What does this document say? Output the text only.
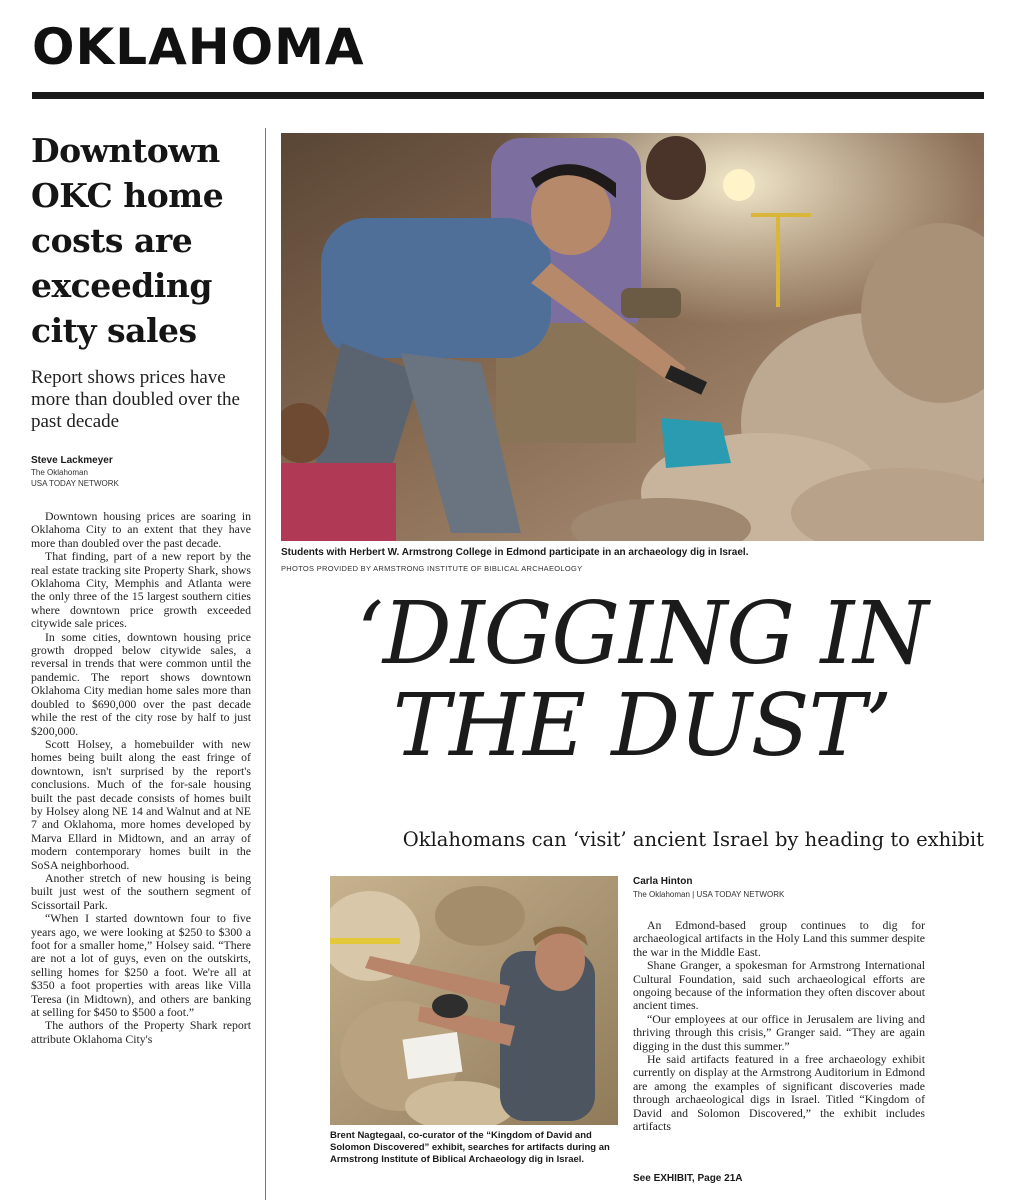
OKLAHOMA
Downtown OKC home costs are exceeding city sales
Report shows prices have more than doubled over the past decade
Steve Lackmeyer
The Oklahoman
USA TODAY NETWORK

Downtown housing prices are soaring in Oklahoma City to an extent that they have more than doubled over the past decade.

That finding, part of a new report by the real estate tracking site Property Shark, shows Oklahoma City, Memphis and Atlanta were the only three of the 15 largest southern cities where downtown price growth exceeded citywide sale prices.

In some cities, downtown housing price growth dropped below citywide sales, a reversal in trends that were common until the pandemic. The report shows downtown Oklahoma City median home sales more than doubled to $690,000 over the past decade while the rest of the city rose by half to just $200,000.

Scott Holsey, a homebuilder with new homes being built along the east fringe of downtown, isn't surprised by the report's conclusions. Much of the for-sale housing built the past decade consists of homes built by Holsey along NE 14 and Walnut and at NE 7 and Oklahoma, more homes developed by Marva Ellard in Midtown, and an array of modern contemporary homes built in the SoSA neighborhood.

Another stretch of new housing is being built just west of the southern segment of Scissortail Park.

“When I started downtown four to five years ago, we were looking at $250 to $300 a foot for a smaller home,” Holsey said. “There are not a lot of guys, even on the outskirts, selling homes for $250 a foot. We're all at $350 a foot properties with areas like Villa Teresa (in Midtown), and others are banking at selling for $450 to $500 a foot.”

The authors of the Property Shark report attribute Oklahoma City's

Students with Herbert W. Armstrong College in Edmond participate in an archaeology dig in Israel.
PHOTOS PROVIDED BY ARMSTRONG INSTITUTE OF BIBLICAL ARCHAEOLOGY
‘DIGGING IN
THE DUST’
Oklahomans can ‘visit’ ancient Israel by heading to exhibit
Brent Nagtegaal, co-curator of the “Kingdom of David and Solomon Discovered” exhibit, searches for artifacts during an Armstrong Institute of Biblical Archaeology dig in Israel.
Carla Hinton
The Oklahoman | USA TODAY NETWORK

An Edmond-based group continues to dig for archaeological artifacts in the Holy Land this summer despite the war in the Middle East.

Shane Granger, a spokesman for Armstrong International Cultural Foundation, said such archaeological efforts are ongoing because of the information they often discover about ancient times.

“Our employees at our office in Jerusalem are living and thriving through this crisis,” Granger said. “They are again digging in the dust this summer.”

He said artifacts featured in a free archaeology exhibit currently on display at the Armstrong Auditorium in Edmond are among the examples of significant discoveries made through archaeological digs in Israel. Titled “Kingdom of David and Solomon Discovered,” the exhibit includes artifacts

See EXHIBIT, Page 21A
